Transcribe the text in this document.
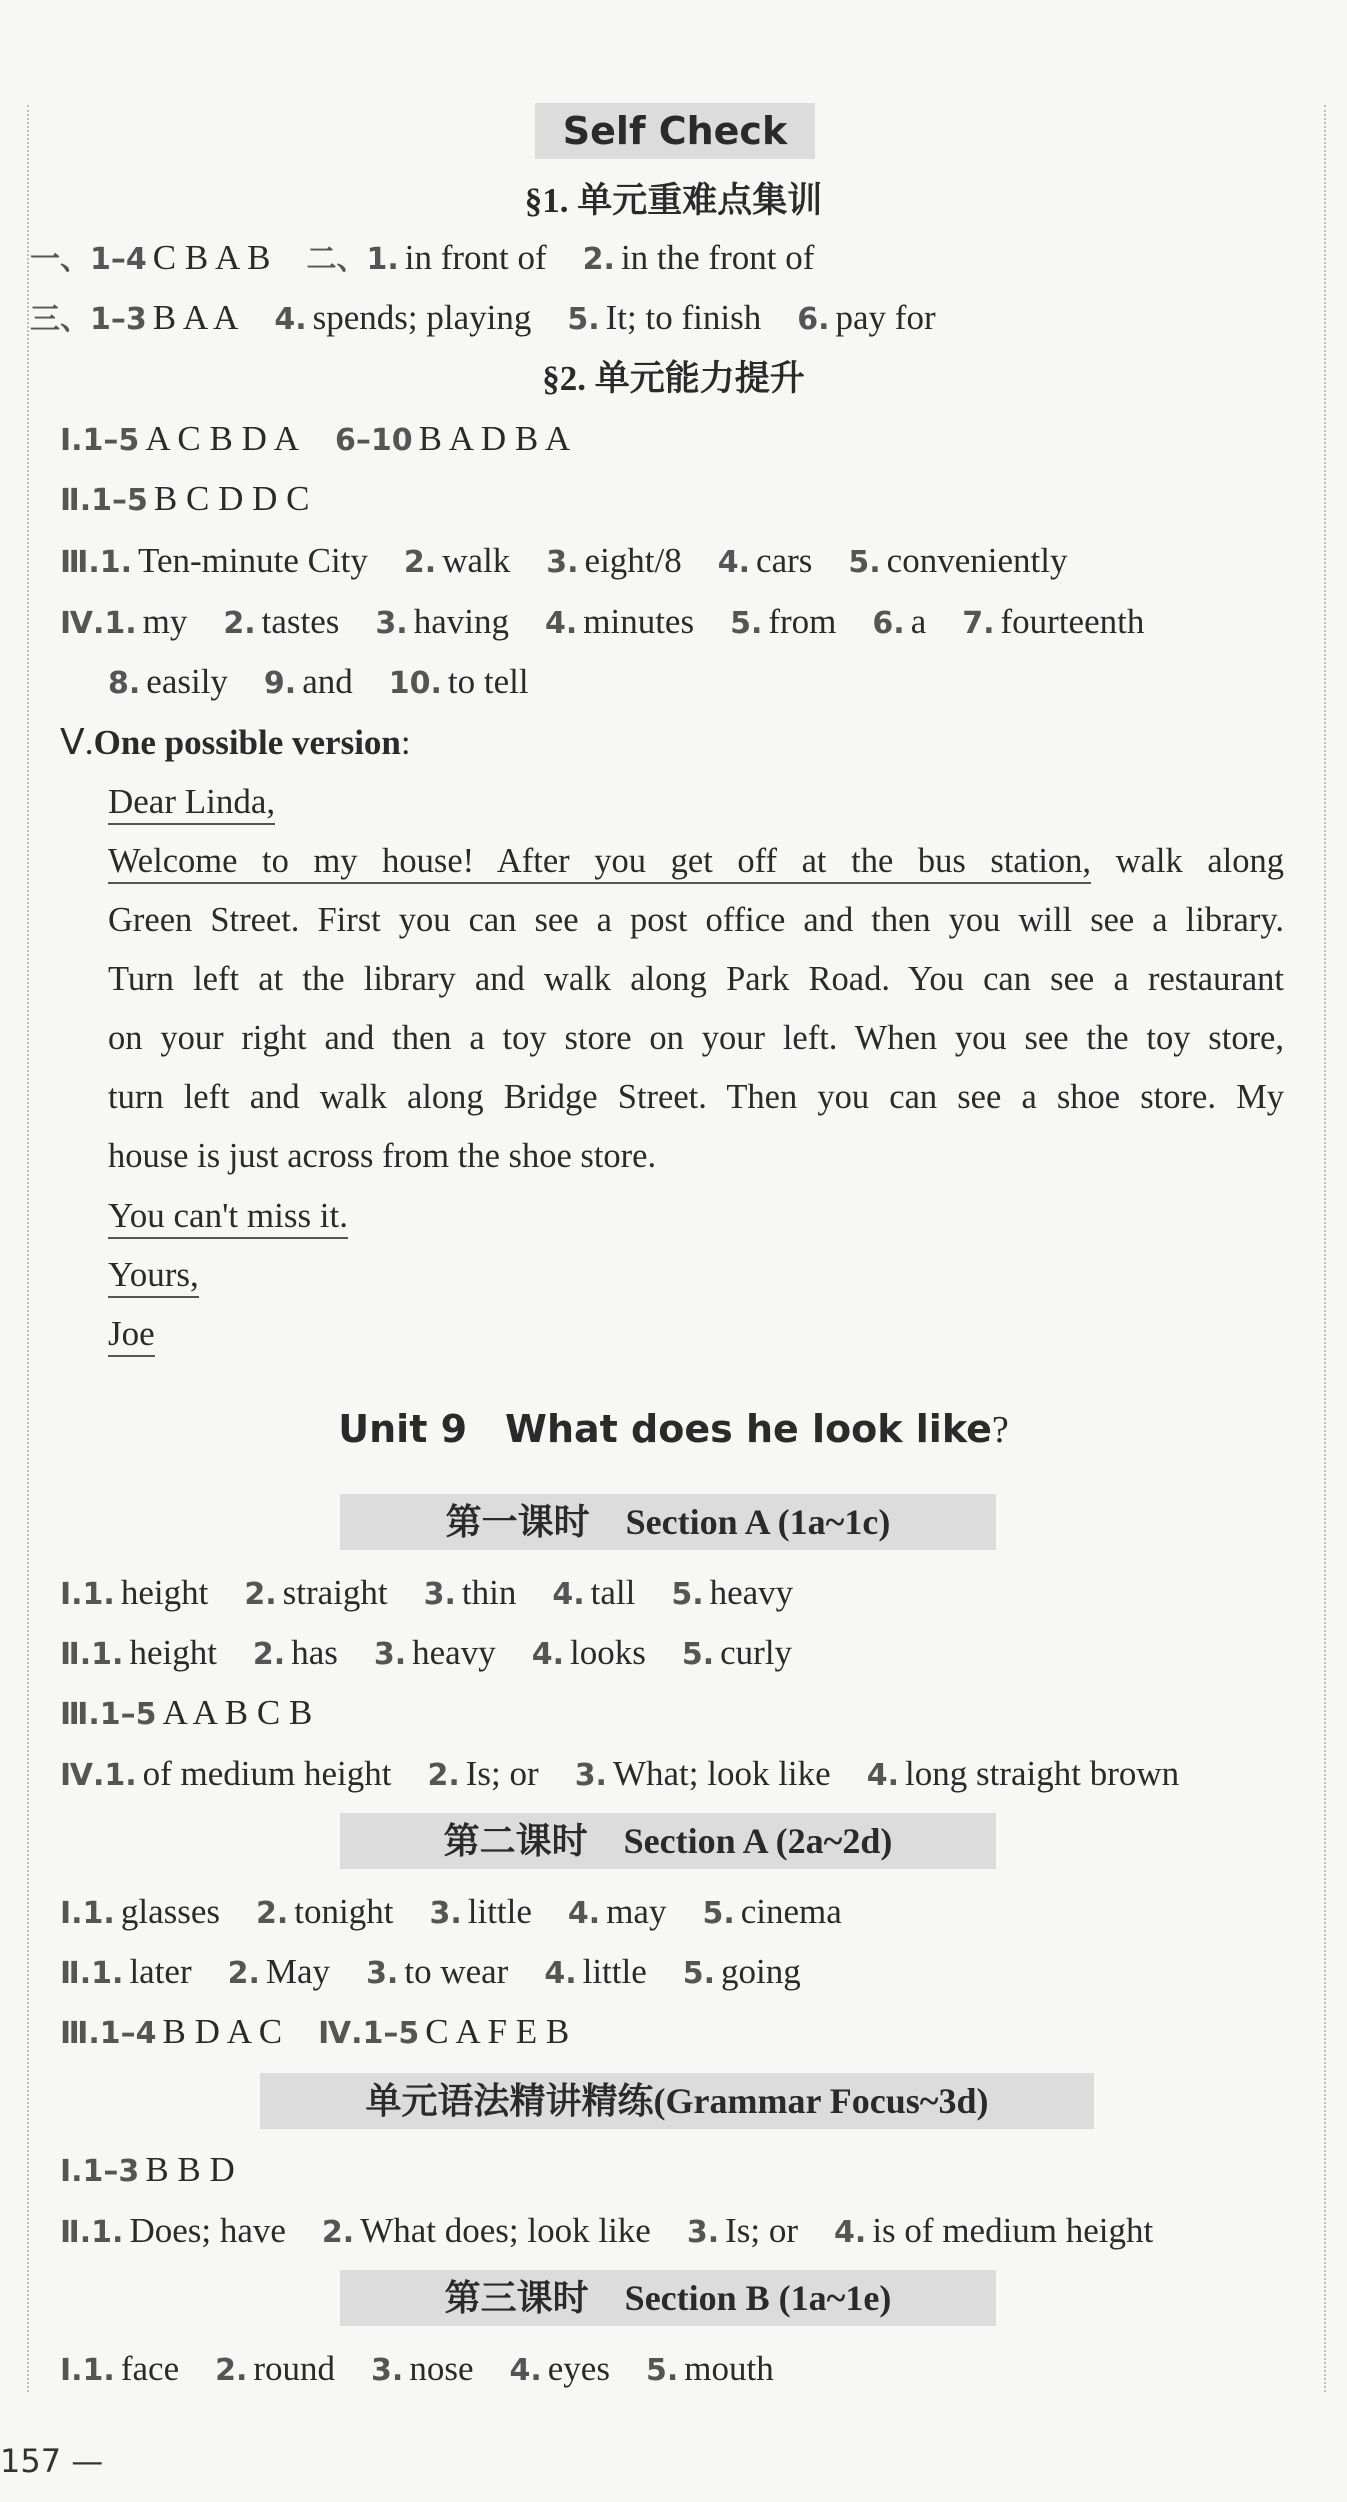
Self Check
§1. 单元重难点集训
一、1–4 C B A B 二、1. in front of 2. in the front of
三、1–3 B A A 4. spends; playing 5. It; to finish 6. pay for
§2. 单元能力提升
Ⅰ.1–5 A C B D A 6–10 B A D B A
Ⅱ.1–5 B C D D C
Ⅲ.1. Ten-minute City 2. walk 3. eight/8 4. cars 5. conveniently
Ⅳ.1. my 2. tastes 3. having 4. minutes 5. from 6. a 7. fourteenth
8. easily 9. and 10. to tell
Ⅴ.One possible version:
Dear Linda,
Welcome to my house! After you get off at the bus station, walk along
Green Street. First you can see a post office and then you will see a library.
Turn left at the library and walk along Park Road. You can see a restaurant
on your right and then a toy store on your left. When you see the toy store,
turn left and walk along Bridge Street. Then you can see a shoe store. My
house is just across from the shoe store.
You can't miss it.
Yours,
Joe
Unit 9　What does he look like?
第一课时　 Section A (1a~1c)
Ⅰ.1. height 2. straight 3. thin 4. tall 5. heavy
Ⅱ.1. height 2. has 3. heavy 4. looks 5. curly
Ⅲ.1–5 A A B C B
Ⅳ.1. of medium height 2. Is; or 3. What; look like 4. long straight brown
第二课时　 Section A (2a~2d)
Ⅰ.1. glasses 2. tonight 3. little 4. may 5. cinema
Ⅱ.1. later 2. May 3. to wear 4. little 5. going
Ⅲ.1–4 B D A C Ⅳ.1–5 C A F E B
单元语法精讲精练(Grammar Focus~3d)
Ⅰ.1–3 B B D
Ⅱ.1. Does; have 2. What does; look like 3. Is; or 4. is of medium height
第三课时　 Section B (1a~1e)
Ⅰ.1. face 2. round 3. nose 4. eyes 5. mouth
157 —
